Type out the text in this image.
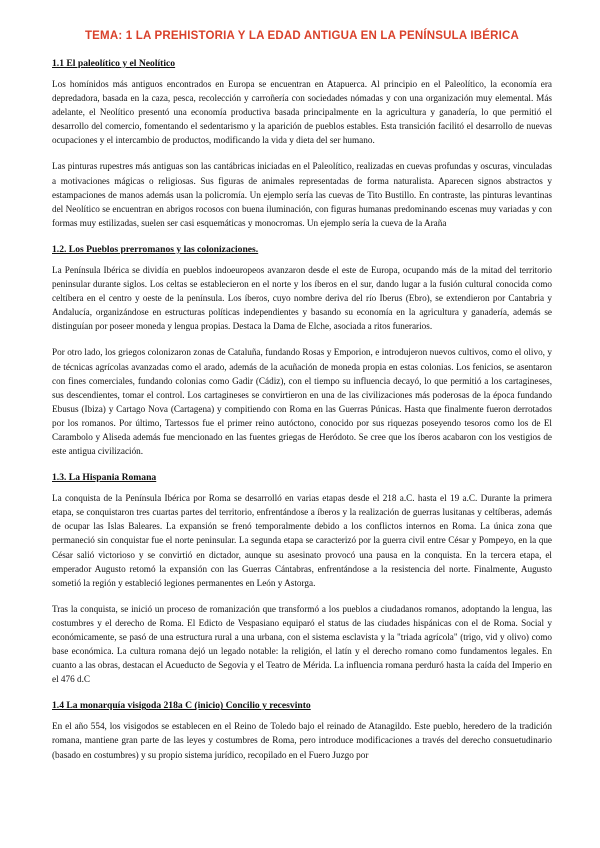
TEMA: 1 LA PREHISTORIA Y LA EDAD ANTIGUA EN LA PENÍNSULA IBÉRICA
1.1 El paleolítico y el Neolítico

Los homínidos más antiguos encontrados en Europa se encuentran en Atapuerca. Al principio en el Paleolítico, la economía era depredadora, basada en la caza, pesca, recolección y carroñería con sociedades nómadas y con una organización muy elemental. Más adelante, el Neolítico presentó una economía productiva basada principalmente en la agricultura y ganadería, lo que permitió el desarrollo del comercio, fomentando el sedentarismo y la aparición de pueblos estables. Esta transición facilitó el desarrollo de nuevas ocupaciones y el intercambio de productos, modificando la vida y dieta del ser humano.

Las pinturas rupestres más antiguas son las cantábricas iniciadas en el Paleolítico, realizadas en cuevas profundas y oscuras, vinculadas a motivaciones mágicas o religiosas. Sus figuras de animales representadas de forma naturalista. Aparecen signos abstractos y estampaciones de manos además usan la policromía. Un ejemplo sería las cuevas de Tito Bustillo. En contraste, las pinturas levantinas del Neolítico se encuentran en abrigos rocosos con buena iluminación, con figuras humanas predominando escenas muy variadas y con formas muy estilizadas, suelen ser casi esquemáticas y monocromas. Un ejemplo sería la cueva de la Araña

1.2. Los Pueblos prerromanos y las colonizaciones.

La Península Ibérica se dividía en pueblos indoeuropeos avanzaron desde el este de Europa, ocupando más de la mitad del territorio peninsular durante siglos. Los celtas se establecieron en el norte y los íberos en el sur, dando lugar a la fusión cultural conocida como celtíbera en el centro y oeste de la península. Los íberos, cuyo nombre deriva del río Iberus (Ebro), se extendieron por Cantabria y Andalucía, organizándose en estructuras políticas independientes y basando su economía en la agricultura y ganadería, además se distinguían por poseer moneda y lengua propias. Destaca la Dama de Elche, asociada a ritos funerarios.

Por otro lado, los griegos colonizaron zonas de Cataluña, fundando Rosas y Emporion, e introdujeron nuevos cultivos, como el olivo, y de técnicas agrícolas avanzadas como el arado, además de la acuñación de moneda propia en estas colonias. Los fenicios, se asentaron con fines comerciales, fundando colonias como Gadir (Cádiz), con el tiempo su influencia decayó, lo que permitió a los cartagineses, sus descendientes, tomar el control. Los cartagineses se convirtieron en una de las civilizaciones más poderosas de la época fundando Ebusus (Ibiza) y Cartago Nova (Cartagena) y compitiendo con Roma en las Guerras Púnicas. Hasta que finalmente fueron derrotados por los romanos. Por último, Tartessos fue el primer reino autóctono, conocido por sus riquezas poseyendo tesoros como los de El Carambolo y Aliseda además fue mencionado en las fuentes griegas de Heródoto. Se cree que los íberos acabaron con los vestigios de este antigua civilización.

1.3. La Hispania Romana

La conquista de la Península Ibérica por Roma se desarrolló en varias etapas desde el 218 a.C. hasta el 19 a.C. Durante la primera etapa, se conquistaron tres cuartas partes del territorio, enfrentándose a íberos y la realización de guerras lusitanas y celtíberas, además de ocupar las Islas Baleares. La expansión se frenó temporalmente debido a los conflictos internos en Roma. La única zona que permaneció sin conquistar fue el norte peninsular. La segunda etapa se caracterizó por la guerra civil entre César y Pompeyo, en la que César salió victorioso y se convirtió en dictador, aunque su asesinato provocó una pausa en la conquista. En la tercera etapa, el emperador Augusto retomó la expansión con las Guerras Cántabras, enfrentándose a la resistencia del norte. Finalmente, Augusto sometió la región y estableció legiones permanentes en León y Astorga.

Tras la conquista, se inició un proceso de romanización que transformó a los pueblos a ciudadanos romanos, adoptando la lengua, las costumbres y el derecho de Roma. El Edicto de Vespasiano equiparó el status de las ciudades hispánicas con el de Roma. Social y económicamente, se pasó de una estructura rural a una urbana, con el sistema esclavista y la "triada agrícola" (trigo, vid y olivo) como base económica. La cultura romana dejó un legado notable: la religión, el latín y el derecho romano como fundamentos legales. En cuanto a las obras, destacan el Acueducto de Segovia y el Teatro de Mérida. La influencia romana perduró hasta la caída del Imperio en el 476 d.C

1.4 La monarquía visigoda 218a C (inicio) Concilio y recesvinto

En el año 554, los visigodos se establecen en el Reino de Toledo bajo el reinado de Atanagildo. Este pueblo, heredero de la tradición romana, mantiene gran parte de las leyes y costumbres de Roma, pero introduce modificaciones a través del derecho consuetudinario (basado en costumbres) y su propio sistema jurídico, recopilado en el Fuero Juzgo por
